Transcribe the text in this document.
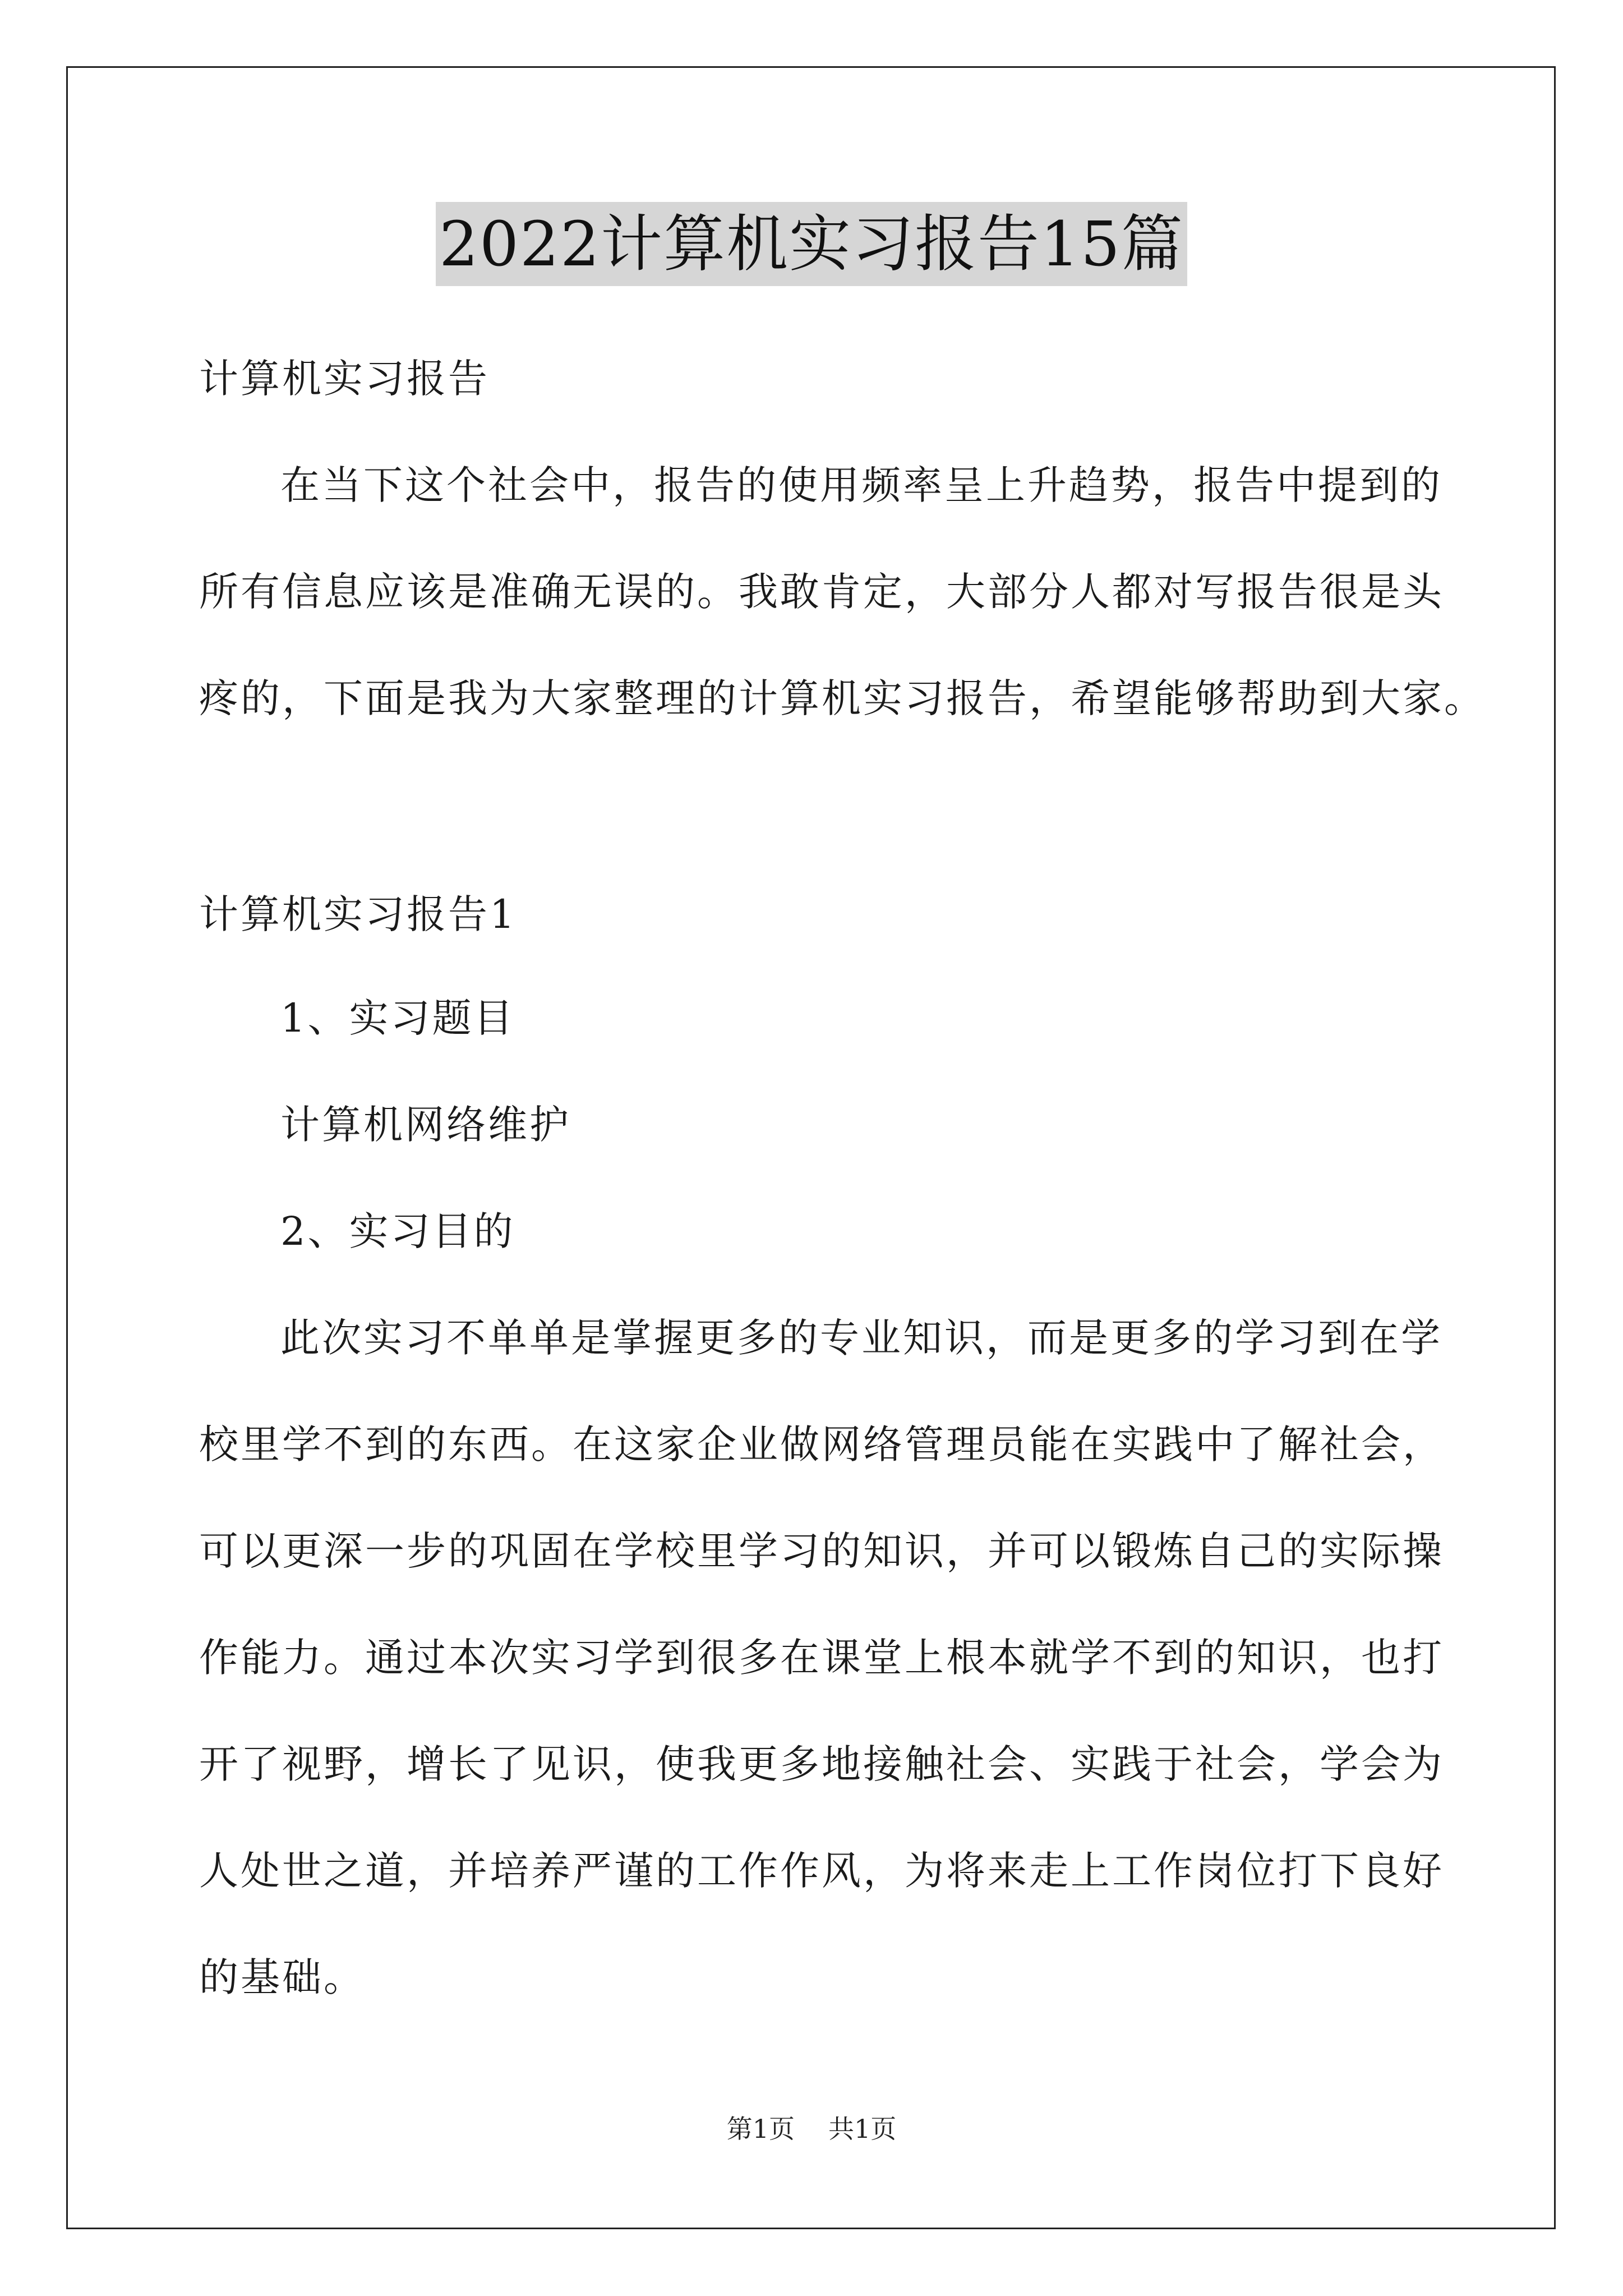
2022计算机实习报告15篇
计算机实习报告
在当下这个社会中，报告的使用频率呈上升趋势，报告中提到的
所有信息应该是准确无误的。我敢肯定，大部分人都对写报告很是头
疼的，下面是我为大家整理的计算机实习报告，希望能够帮助到大家。
计算机实习报告1
1、实习题目
计算机网络维护
2、实习目的
此次实习不单单是掌握更多的专业知识，而是更多的学习到在学
校里学不到的东西。在这家企业做网络管理员能在实践中了解社会，
可以更深一步的巩固在学校里学习的知识，并可以锻炼自己的实际操
作能力。通过本次实习学到很多在课堂上根本就学不到的知识，也打
开了视野，增长了见识，使我更多地接触社会、实践于社会，学会为
人处世之道，并培养严谨的工作作风，为将来走上工作岗位打下良好
的基础。
第1页 共1页
